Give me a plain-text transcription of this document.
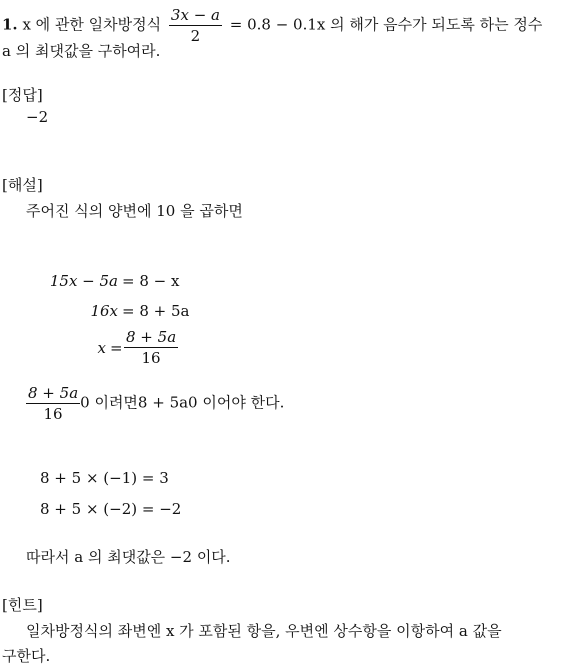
1. x 에 관한 일차방정식 $\frac{3x - a}{2} = 0.8 - 0.1x$ 의 해가 음수가 되도록 하는 정수
a 의 최댓값을 구하여라.
[정답]
−2
[해설]
주어진 식의 양변에 10 을 곱하면
15x − 5a = 8 − x
16x = 8 + 5a
$x = \frac{8 + 5a}{16}$
$\frac{8 + 5a}{16} 0$ 이려면8 + 5a0 이어야 한다.
8 + 5 × (−1) = 3
8 + 5 × (−2) = −2
따라서 a 의 최댓값은 −2 이다.
[힌트]
일차방정식의 좌변엔 x 가 포함된 항을, 우변엔 상수항을 이항하여 a 값을
구한다.
